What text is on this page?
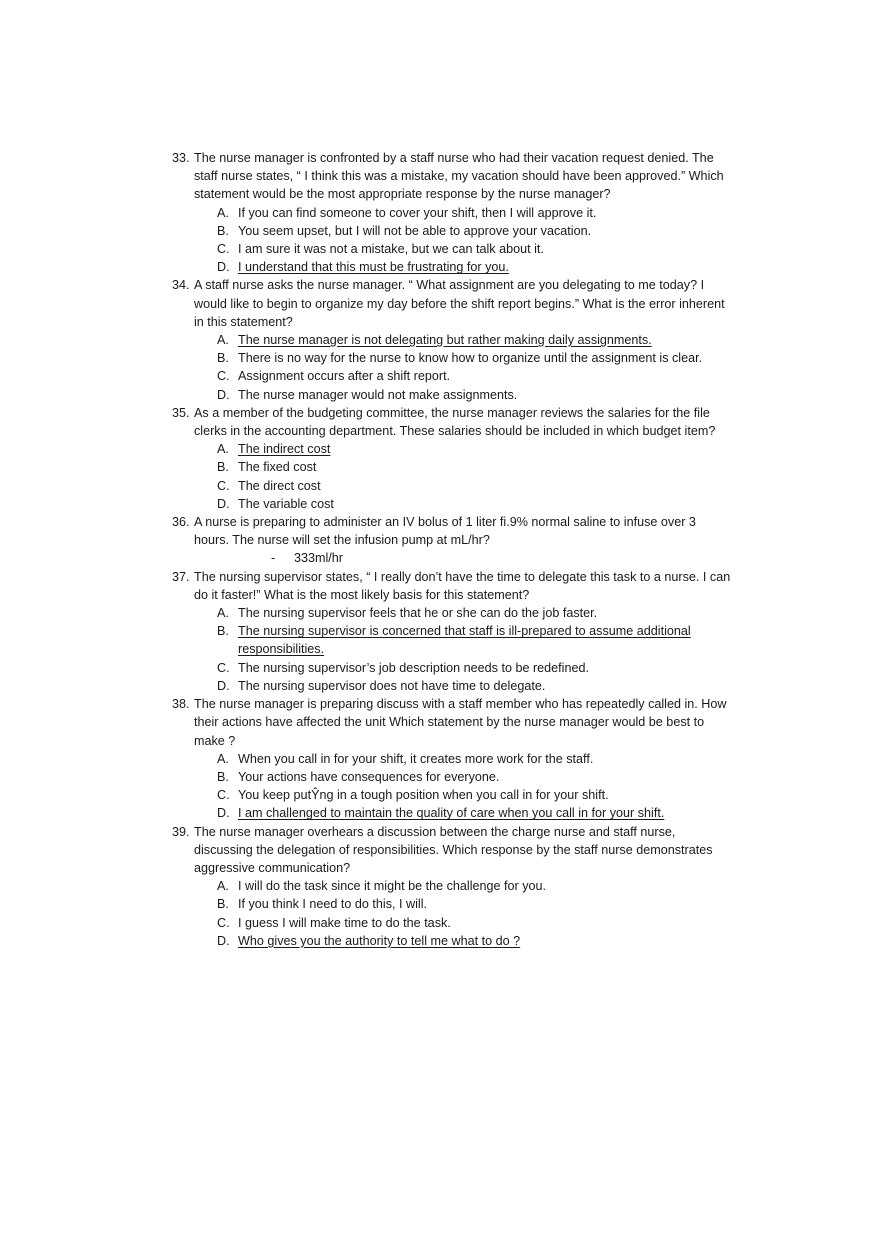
33. The nurse manager is confronted by a staff nurse who had their vacation request denied. The staff nurse states, “ I think this was a mistake, my vacation should have been approved.” Which statement would be the most appropriate response by the nurse manager?
A. If you can find someone to cover your shift, then I will approve it.
B. You seem upset, but I will not be able to approve your vacation.
C. I am sure it was not a mistake, but we can talk about it.
D. I understand that this must be frustrating for you.
34. A staff nurse asks the nurse manager. “ What assignment are you delegating to me today? I would like to begin to organize my day before the shift report begins.” What is the error inherent in this statement?
A. The nurse manager is not delegating but rather making daily assignments.
B. There is no way for the nurse to know how to organize until the assignment is clear.
C. Assignment occurs after a shift report.
D. The nurse manager would not make assignments.
35. As a member of the budgeting committee, the nurse manager reviews the salaries for the file clerks in the accounting department. These salaries should be included in which budget item?
A. The indirect cost
B. The fixed cost
C. The direct cost
D. The variable cost
36. A nurse is preparing to administer an IV bolus of 1 liter ﬁ.9% normal saline to infuse over 3 hours. The nurse will set the infusion pump at mL/hr?
- 333ml/hr
37. The nursing supervisor states, “ I really don’t have the time to delegate this task to a nurse. I can do it faster!” What is the most likely basis for this statement?
A. The nursing supervisor feels that he or she can do the job faster.
B. The nursing supervisor is concerned that staff is ill-prepared to assume additional responsibilities.
C. The nursing supervisor’s job description needs to be redefined.
D. The nursing supervisor does not have time to delegate.
38. The nurse manager is preparing discuss with a staff member who has repeatedly called in. How their actions have affected the unit Which statement by the nurse manager would be best to make ?
A. When you call in for your shift, it creates more work for the staff.
B. Your actions have consequences for everyone.
C. You keep putŶng in a tough position when you call in for your shift.
D. I am challenged to maintain the quality of care when you call in for your shift.
39. The nurse manager overhears a discussion between the charge nurse and staff nurse, discussing the delegation of responsibilities. Which response by the staff nurse demonstrates aggressive communication?
A. I will do the task since it might be the challenge for you.
B. If you think I need to do this, I will.
C. I guess I will make time to do the task.
D. Who gives you the authority to tell me what to do ?
